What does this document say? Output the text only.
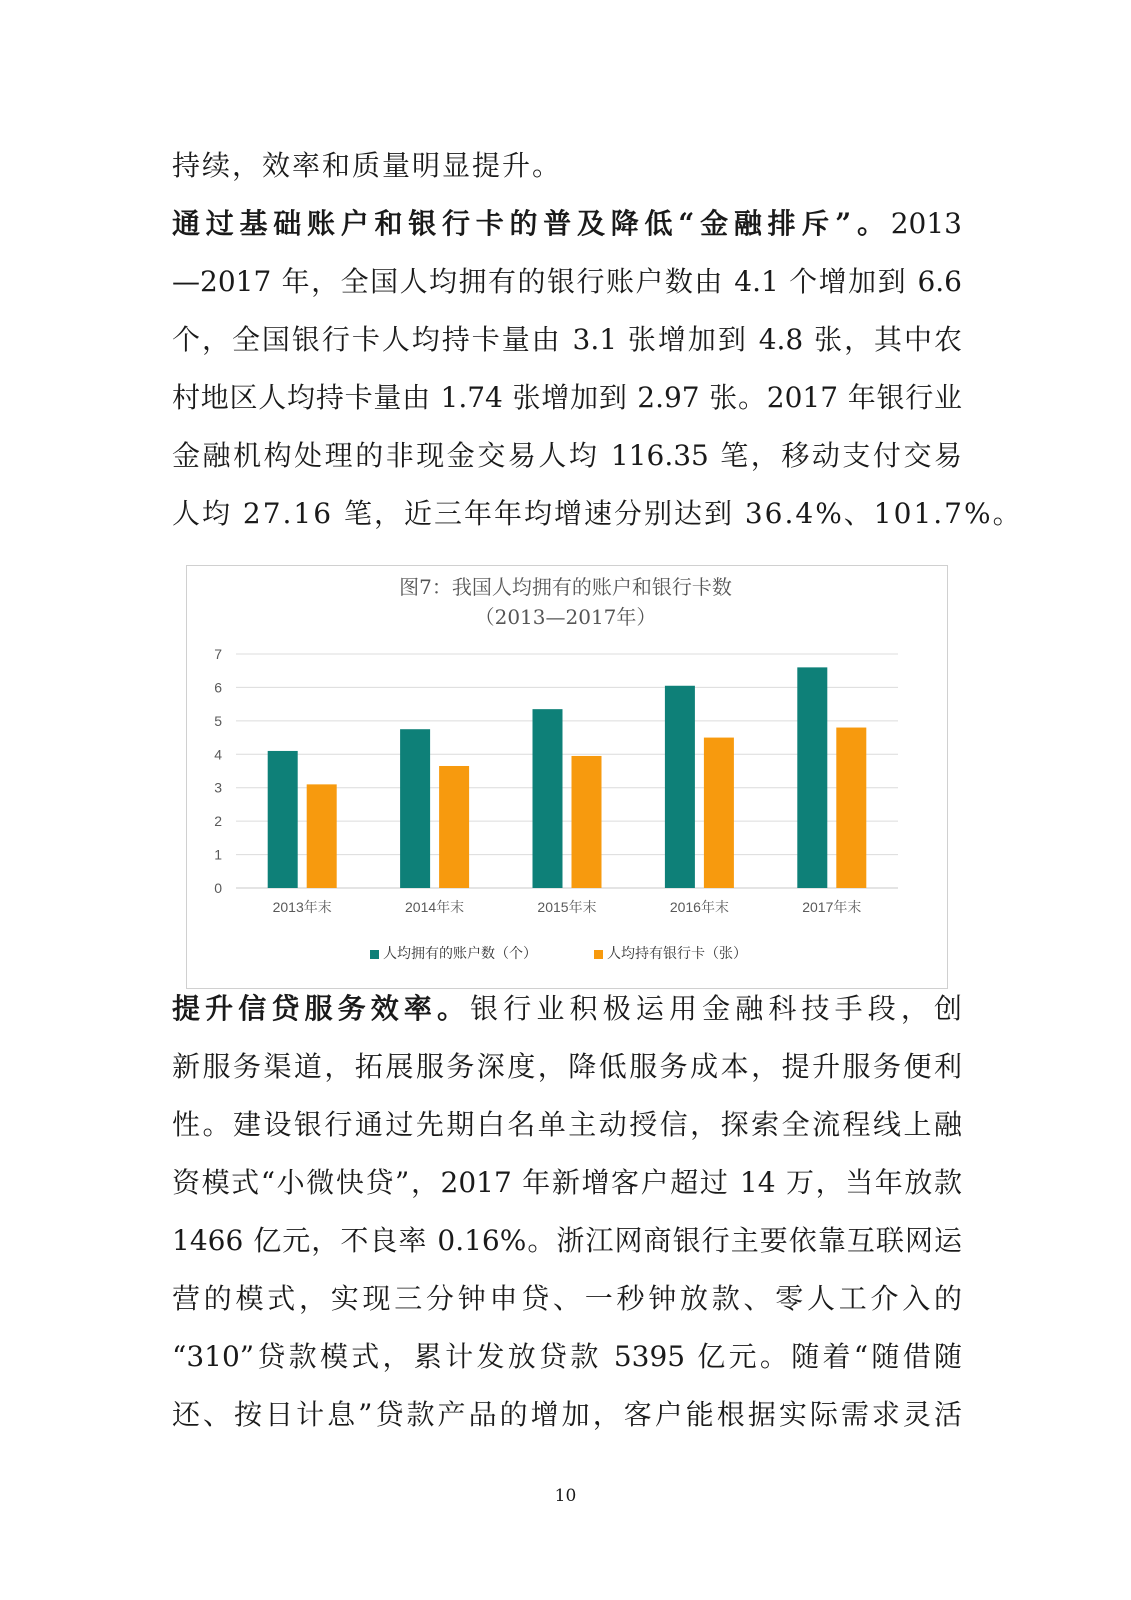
持续，效率和质量明显提升。
通过基础账户和银行卡的普及降低“金融排斥”。2013
—2017 年，全国人均拥有的银行账户数由 4.1 个增加到 6.6
个，全国银行卡人均持卡量由 3.1 张增加到 4.8 张，其中农
村地区人均持卡量由 1.74 张增加到 2.97 张。2017 年银行业
金融机构处理的非现金交易人均 116.35 笔，移动支付交易
人均 27.16 笔，近三年年均增速分别达到 36.4%、101.7%。
图7：我国人均拥有的账户和银行卡数
（2013—2017年）
0
1
2
3
4
5
6
7
2013年末	2014年末	2015年末	2016年末	2017年末
人均拥有的账户数（个）	人均持有银行卡（张）
提升信贷服务效率。银行业积极运用金融科技手段，创
新服务渠道，拓展服务深度，降低服务成本，提升服务便利
性。建设银行通过先期白名单主动授信，探索全流程线上融
资模式“小微快贷”，2017 年新增客户超过 14 万，当年放款
1466 亿元，不良率 0.16%。浙江网商银行主要依靠互联网运
营的模式，实现三分钟申贷、一秒钟放款、零人工介入的
“310”贷款模式，累计发放贷款 5395 亿元。随着“随借随
还、按日计息”贷款产品的增加，客户能根据实际需求灵活
10
